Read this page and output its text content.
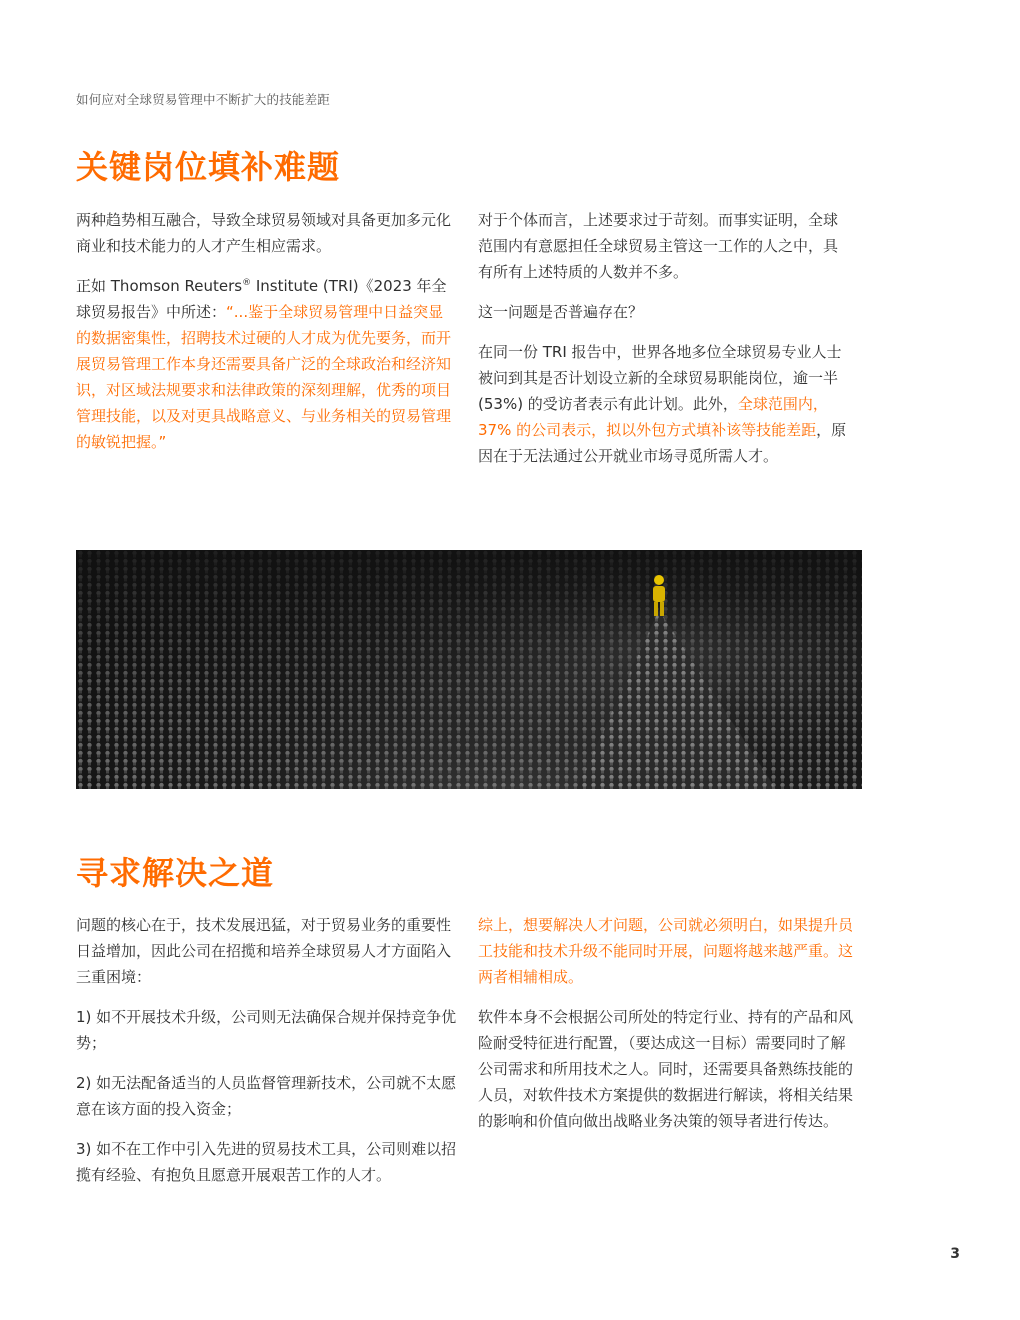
如何应对全球贸易管理中不断扩大的技能差距
关键岗位填补难题

两种趋势相互融合，导致全球贸易领域对具备更加多元化商业和技术能力的人才产生相应需求。

正如 Thomson Reuters® Institute (TRI)《2023 年全球贸易报告》中所述：“...鉴于全球贸易管理中日益突显的数据密集性，招聘技术过硬的人才成为优先要务，而开展贸易管理工作本身还需要具备广泛的全球政治和经济知识，对区域法规要求和法律政策的深刻理解，优秀的项目管理技能，以及对更具战略意义、与业务相关的贸易管理的敏锐把握。”

对于个体而言，上述要求过于苛刻。而事实证明，全球范围内有意愿担任全球贸易主管这一工作的人之中，具有所有上述特质的人数并不多。

这一问题是否普遍存在？

在同一份 TRI 报告中，世界各地多位全球贸易专业人士被问到其是否计划设立新的全球贸易职能岗位，逾一半 (53%) 的受访者表示有此计划。此外，全球范围内，37% 的公司表示，拟以外包方式填补该等技能差距，原因在于无法通过公开就业市场寻觅所需人才。

寻求解决之道

问题的核心在于，技术发展迅猛，对于贸易业务的重要性日益增加，因此公司在招揽和培养全球贸易人才方面陷入三重困境：

1) 如不开展技术升级，公司则无法确保合规并保持竞争优势；

2) 如无法配备适当的人员监督管理新技术，公司就不太愿意在该方面的投入资金；

3) 如不在工作中引入先进的贸易技术工具，公司则难以招揽有经验、有抱负且愿意开展艰苦工作的人才。

综上，想要解决人才问题，公司就必须明白，如果提升员工技能和技术升级不能同时开展，问题将越来越严重。这两者相辅相成。

软件本身不会根据公司所处的特定行业、持有的产品和风险耐受特征进行配置，（要达成这一目标）需要同时了解公司需求和所用技术之人。同时，还需要具备熟练技能的人员，对软件技术方案提供的数据进行解读，将相关结果的影响和价值向做出战略业务决策的领导者进行传达。

3
